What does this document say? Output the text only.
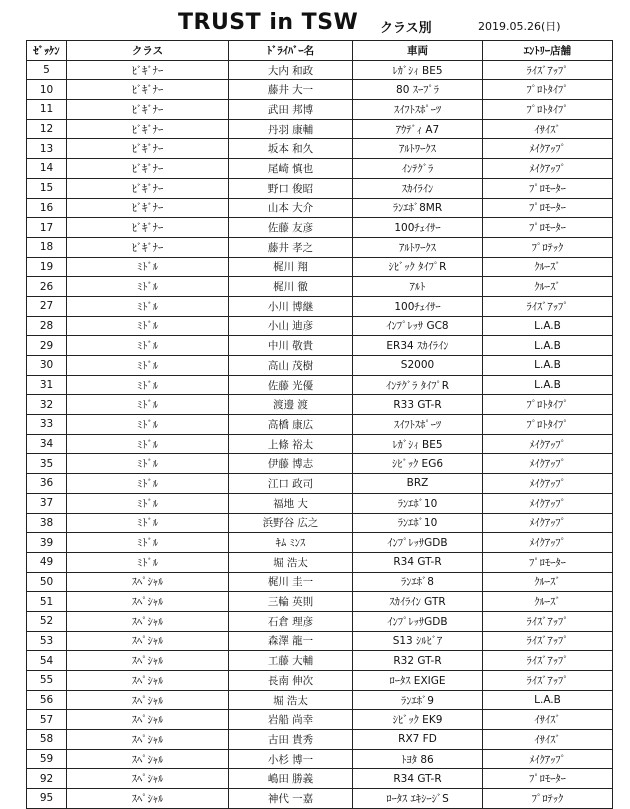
TRUST in TSW クラス別	2019.05.26(日)
ｾﾞｯｹﾝ	クラス	ﾄﾞﾗｲﾊﾞｰ名	車両	ｴﾝﾄﾘｰ店舗
5	ﾋﾞｷﾞﾅｰ	大内 和政	ﾚｶﾞｼｨ BE5	ﾗｲｽﾞｱｯﾌﾟ
10	ﾋﾞｷﾞﾅｰ	藤井 大一	80 ｽｰﾌﾟﾗ	ﾌﾟﾛﾄﾀｲﾌﾟ
11	ﾋﾞｷﾞﾅｰ	武田 邦博	ｽｲﾌﾄｽﾎﾟｰﾂ	ﾌﾟﾛﾄﾀｲﾌﾟ
12	ﾋﾞｷﾞﾅｰ	丹羽 康輔	ｱｳﾃﾞｨ A7	ｲｻｲｽﾞ
13	ﾋﾞｷﾞﾅｰ	坂本 和久	ｱﾙﾄﾜｰｸｽ	ﾒｲｸｱｯﾌﾟ
14	ﾋﾞｷﾞﾅｰ	尾崎 慎也	ｲﾝﾃｸﾞﾗ	ﾒｲｸｱｯﾌﾟ
15	ﾋﾞｷﾞﾅｰ	野口 俊昭	ｽｶｲﾗｲﾝ	ﾌﾟﾛﾓｰﾀｰ
16	ﾋﾞｷﾞﾅｰ	山本 大介	ﾗﾝｴﾎﾞ8MR	ﾌﾟﾛﾓｰﾀｰ
17	ﾋﾞｷﾞﾅｰ	佐藤 友彦	100ﾁｪｲｻｰ	ﾌﾟﾛﾓｰﾀｰ
18	ﾋﾞｷﾞﾅｰ	藤井 孝之	ｱﾙﾄﾜｰｸｽ	ﾌﾟﾛﾃｯｸ
19	ﾐﾄﾞﾙ	梶川 翔	ｼﾋﾞｯｸ ﾀｲﾌﾟR	ｸﾙｰｽﾞ
26	ﾐﾄﾞﾙ	梶川 徹	ｱﾙﾄ	ｸﾙｰｽﾞ
27	ﾐﾄﾞﾙ	小川 博継	100ﾁｪｲｻｰ	ﾗｲｽﾞｱｯﾌﾟ
28	ﾐﾄﾞﾙ	小山 迪彦	ｲﾝﾌﾟﾚｯｻ GC8	L.A.B
29	ﾐﾄﾞﾙ	中川 敬貴	ER34 ｽｶｲﾗｲﾝ	L.A.B
30	ﾐﾄﾞﾙ	高山 茂樹	S2000	L.A.B
31	ﾐﾄﾞﾙ	佐藤 光優	ｲﾝﾃｸﾞﾗ ﾀｲﾌﾟR	L.A.B
32	ﾐﾄﾞﾙ	渡邊 渡	R33 GT-R	ﾌﾟﾛﾄﾀｲﾌﾟ
33	ﾐﾄﾞﾙ	高橋 康広	ｽｲﾌﾄｽﾎﾟｰﾂ	ﾌﾟﾛﾄﾀｲﾌﾟ
34	ﾐﾄﾞﾙ	上條 裕太	ﾚｶﾞｼｨ BE5	ﾒｲｸｱｯﾌﾟ
35	ﾐﾄﾞﾙ	伊藤 博志	ｼﾋﾞｯｸ EG6	ﾒｲｸｱｯﾌﾟ
36	ﾐﾄﾞﾙ	江口 政司	BRZ	ﾒｲｸｱｯﾌﾟ
37	ﾐﾄﾞﾙ	福地 大	ﾗﾝｴﾎﾞ10	ﾒｲｸｱｯﾌﾟ
38	ﾐﾄﾞﾙ	浜野谷 広之	ﾗﾝｴﾎﾞ10	ﾒｲｸｱｯﾌﾟ
39	ﾐﾄﾞﾙ	ｷﾑ ﾐﾝｽ	ｲﾝﾌﾟﾚｯｻGDB	ﾒｲｸｱｯﾌﾟ
49	ﾐﾄﾞﾙ	堀 浩太	R34 GT-R	ﾌﾟﾛﾓｰﾀｰ
50	ｽﾍﾟｼｬﾙ	梶川 圭一	ﾗﾝｴﾎﾞ8	ｸﾙｰｽﾞ
51	ｽﾍﾟｼｬﾙ	三輪 英則	ｽｶｲﾗｲﾝ GTR	ｸﾙｰｽﾞ
52	ｽﾍﾟｼｬﾙ	石倉 理彦	ｲﾝﾌﾟﾚｯｻGDB	ﾗｲｽﾞｱｯﾌﾟ
53	ｽﾍﾟｼｬﾙ	森澤 龍一	S13 ｼﾙﾋﾞｱ	ﾗｲｽﾞｱｯﾌﾟ
54	ｽﾍﾟｼｬﾙ	工藤 大輔	R32 GT-R	ﾗｲｽﾞｱｯﾌﾟ
55	ｽﾍﾟｼｬﾙ	長南 伸次	ﾛｰﾀｽ EXIGE	ﾗｲｽﾞｱｯﾌﾟ
56	ｽﾍﾟｼｬﾙ	堀 浩太	ﾗﾝｴﾎﾞ9	L.A.B
57	ｽﾍﾟｼｬﾙ	岩船 尚幸	ｼﾋﾞｯｸ EK9	ｲｻｲｽﾞ
58	ｽﾍﾟｼｬﾙ	古田 貴秀	RX7 FD	ｲｻｲｽﾞ
59	ｽﾍﾟｼｬﾙ	小杉 博一	ﾄﾖﾀ 86	ﾒｲｸｱｯﾌﾟ
92	ｽﾍﾟｼｬﾙ	嶋田 勝義	R34 GT-R	ﾌﾟﾛﾓｰﾀｰ
95	ｽﾍﾟｼｬﾙ	神代 一嘉	ﾛｰﾀｽ ｴｷｼｰｼﾞS	ﾌﾟﾛﾃｯｸ
